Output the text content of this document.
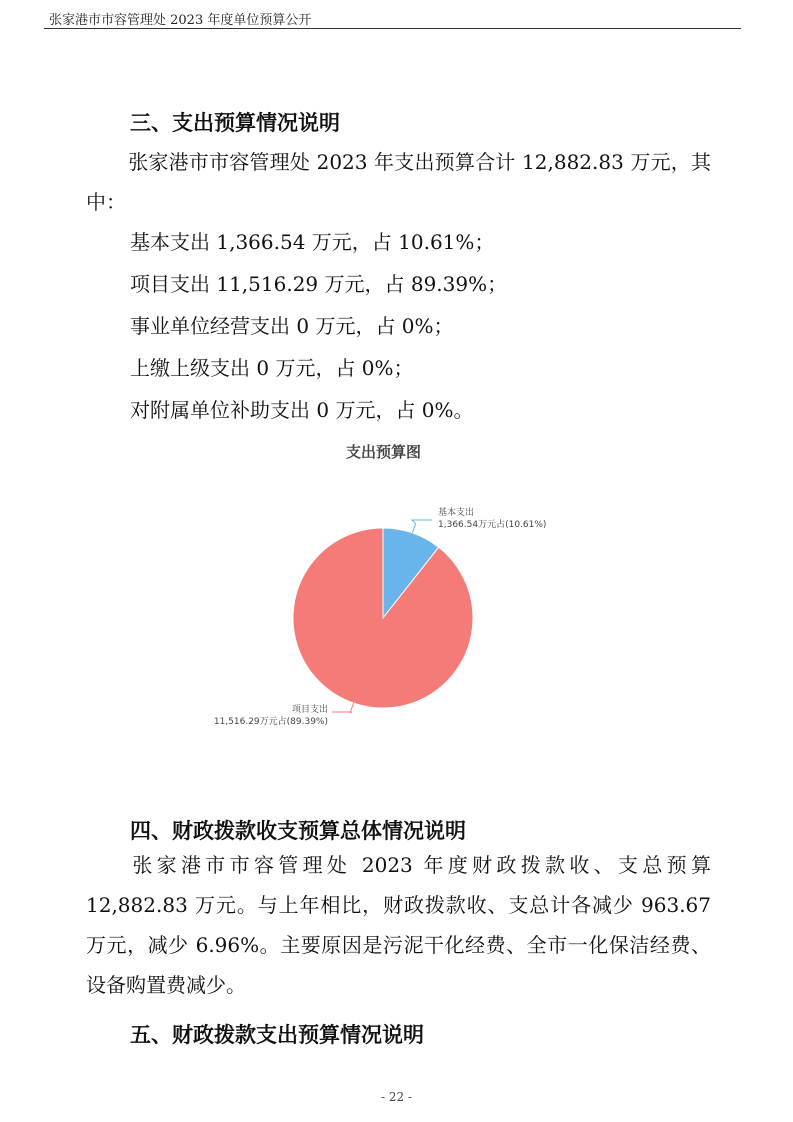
张家港市市容管理处 2023 年度单位预算公开
三、支出预算情况说明
张家港市市容管理处 2023 年支出预算合计 12,882.83 万元，其中：
基本支出 1,366.54 万元，占 10.61%；
项目支出 11,516.29 万元，占 89.39%；
事业单位经营支出 0 万元，占 0%；
上缴上级支出 0 万元，占 0%；
对附属单位补助支出 0 万元，占 0%。
支出预算图
基本支出
1,366.54万元占(10.61%)
项目支出
11,516.29万元占(89.39%)
四、财政拨款收支预算总体情况说明
张家港市市容管理处 2023 年度财政拨款收、支总预算 12,882.83 万元。与上年相比，财政拨款收、支总计各减少 963.67 万元，减少 6.96%。主要原因是污泥干化经费、全市一化保洁经费、设备购置费减少。
五、财政拨款支出预算情况说明
- 22 -
